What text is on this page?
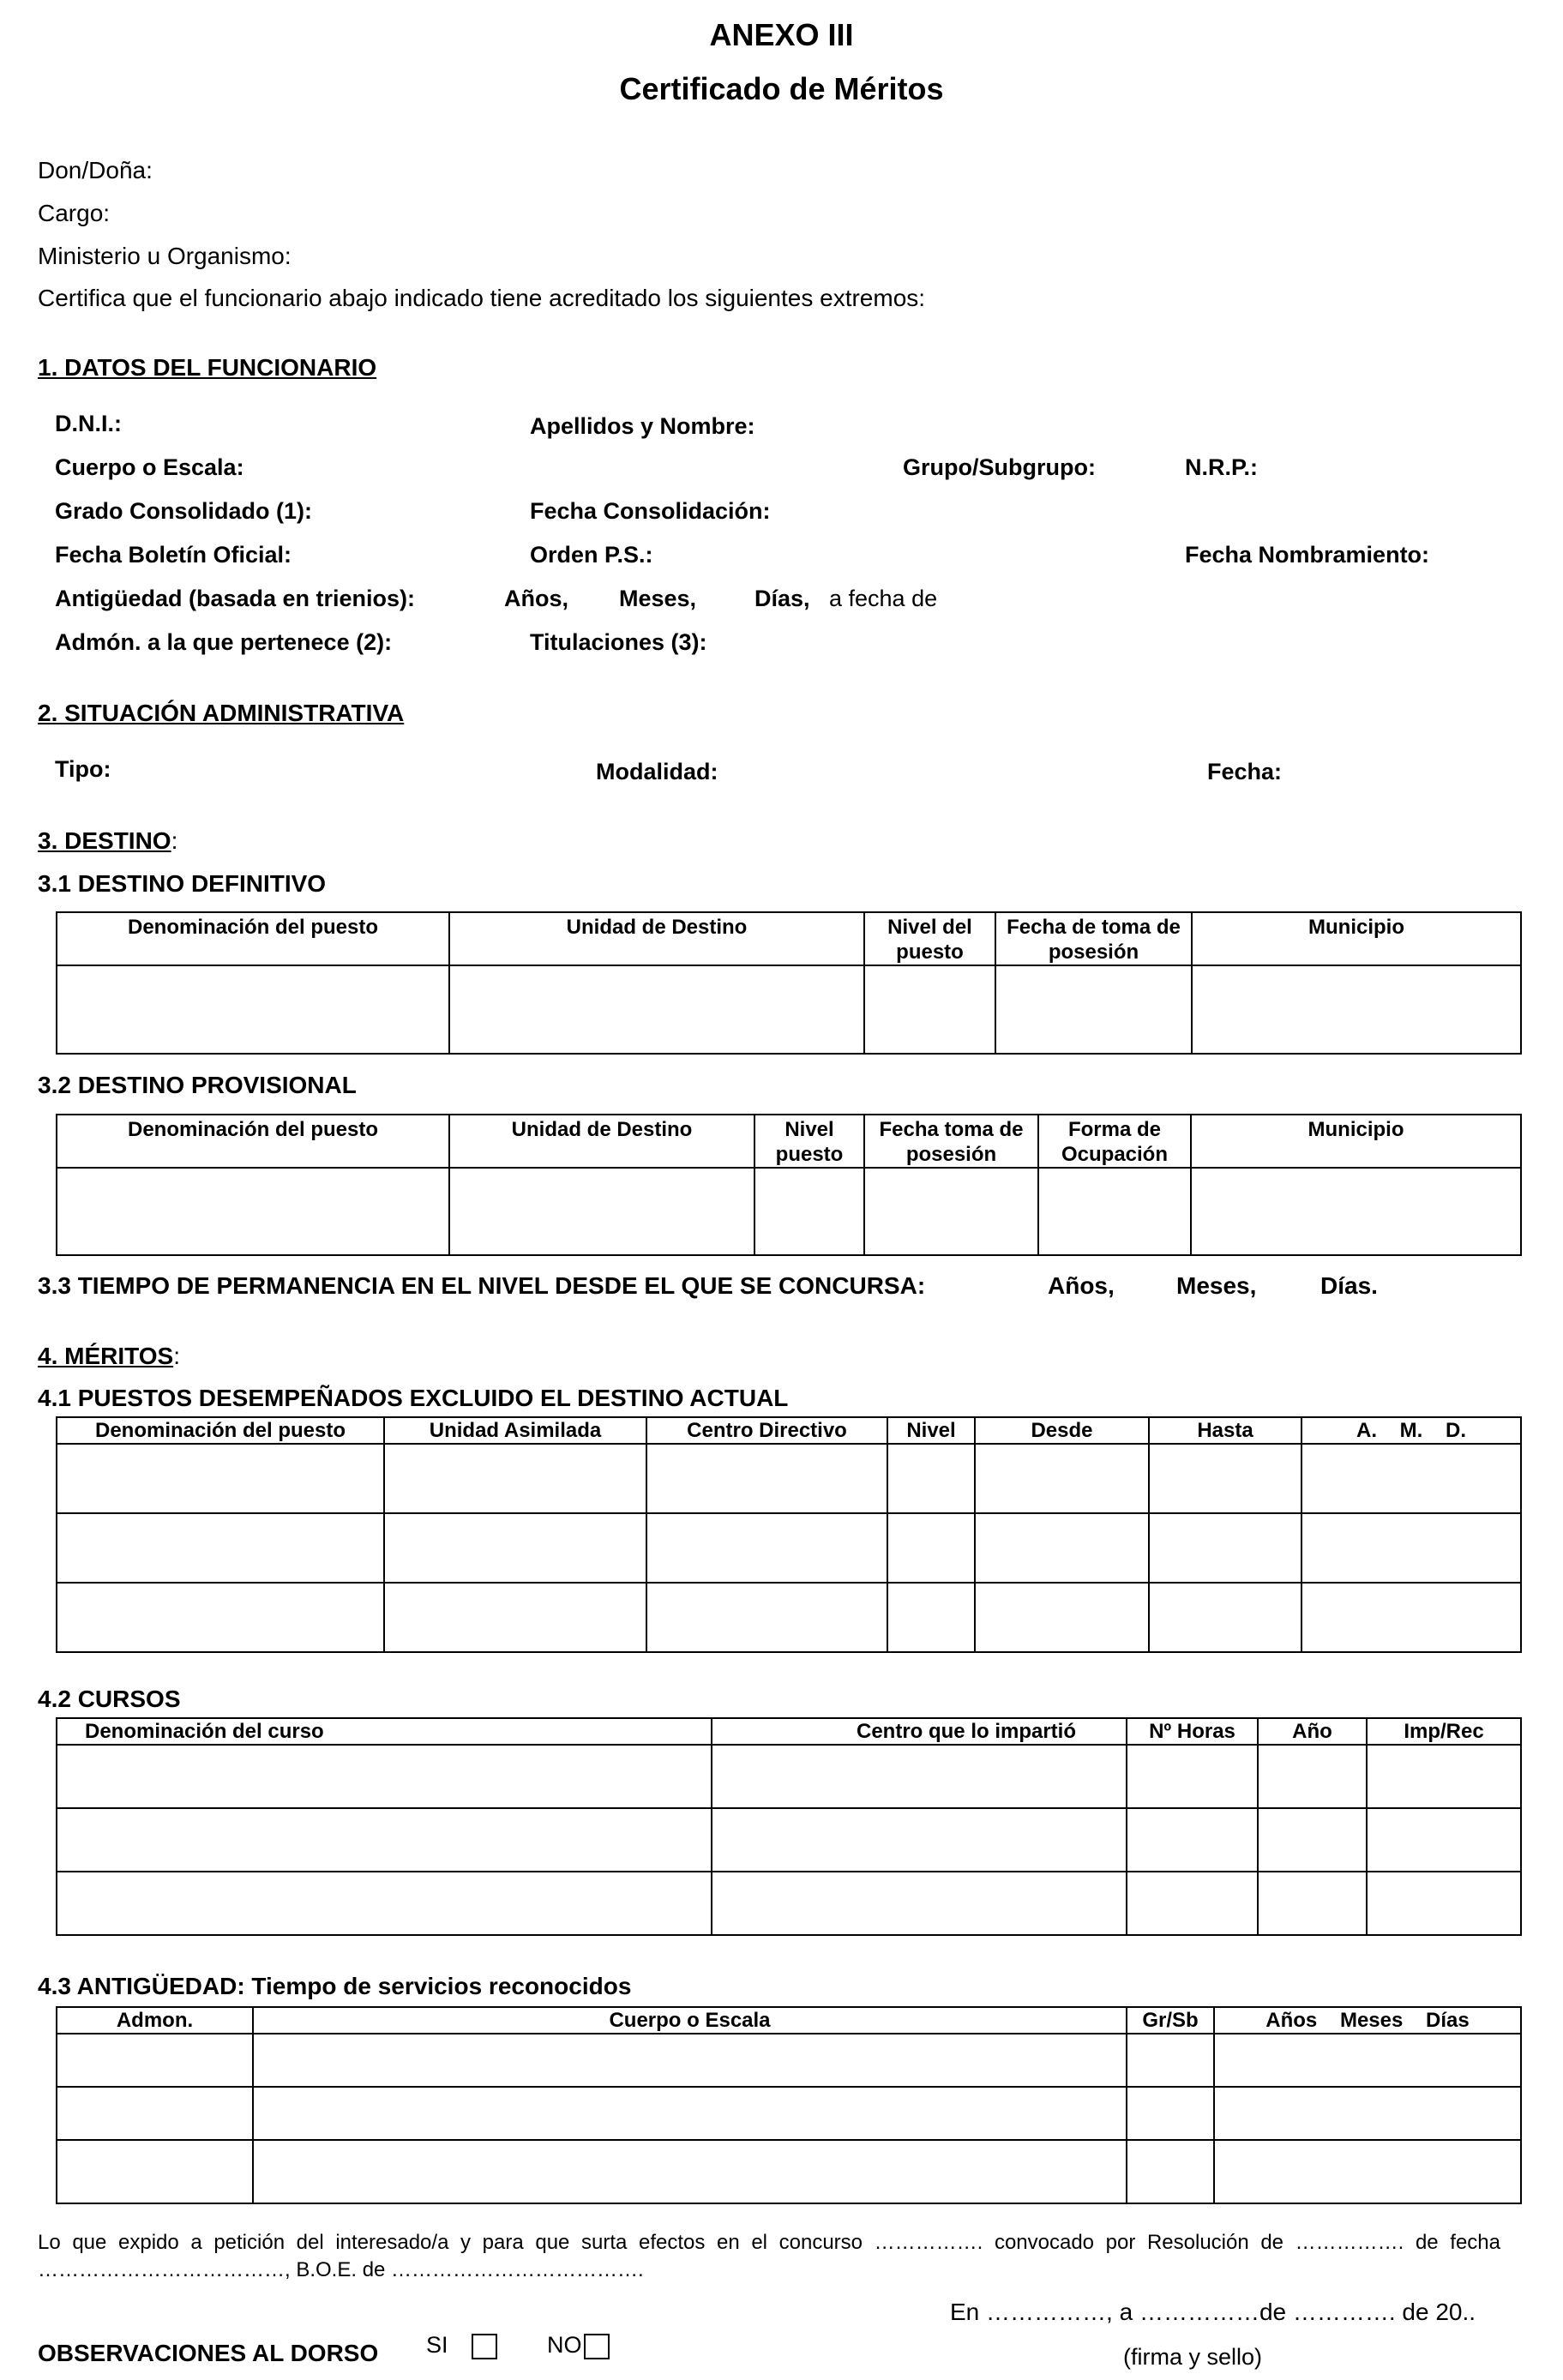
ANEXO III
Certificado de Méritos
Don/Doña:
Cargo:
Ministerio u Organismo:
Certifica que el funcionario abajo indicado tiene acreditado los siguientes extremos:
1. DATOS DEL FUNCIONARIO
D.N.I.:	Apellidos y Nombre:
Cuerpo o Escala:	Grupo/Subgrupo:	N.R.P.:
Grado Consolidado (1):	Fecha Consolidación:
Fecha Boletín Oficial:	Orden P.S.:	Fecha Nombramiento:
Antigüedad (basada en trienios):	Años, Meses,	Días, a fecha de
Admón. a la que pertenece (2):	Titulaciones (3):
2. SITUACIÓN ADMINISTRATIVA
Tipo:	Modalidad:	Fecha:
3. DESTINO:
3.1 DESTINO DEFINITIVO
Denominación del puesto	Unidad de Destino	Nivel del puesto	Fecha de toma de posesión	Municipio

3.2 DESTINO PROVISIONAL
Denominación del puesto	Unidad de Destino	Nivel puesto	Fecha toma de posesión	Forma de Ocupación	Municipio

3.3 TIEMPO DE PERMANENCIA EN EL NIVEL DESDE EL QUE SE CONCURSA:	Años,	Meses,	Días.
4. MÉRITOS:
4.1 PUESTOS DESEMPEÑADOS EXCLUIDO EL DESTINO ACTUAL
Denominación del puesto	Unidad Asimilada	Centro Directivo	Nivel	Desde	Hasta	A.    M.    D.

4.2 CURSOS
Denominación del curso	Centro que lo impartió	Nº Horas	Año	Imp/Rec

4.3 ANTIGÜEDAD: Tiempo de servicios reconocidos
Admon.	Cuerpo o Escala	Gr/Sb	Años    Meses    Días

Lo que expido a petición del interesado/a y para que surta efectos en el concurso ……………. convocado por Resolución de ……………. de fecha
………………………………, B.O.E. de ……………………………….
En ……………, a ……………de …………. de 20..
OBSERVACIONES AL DORSO SI	NO	(firma y sello)
